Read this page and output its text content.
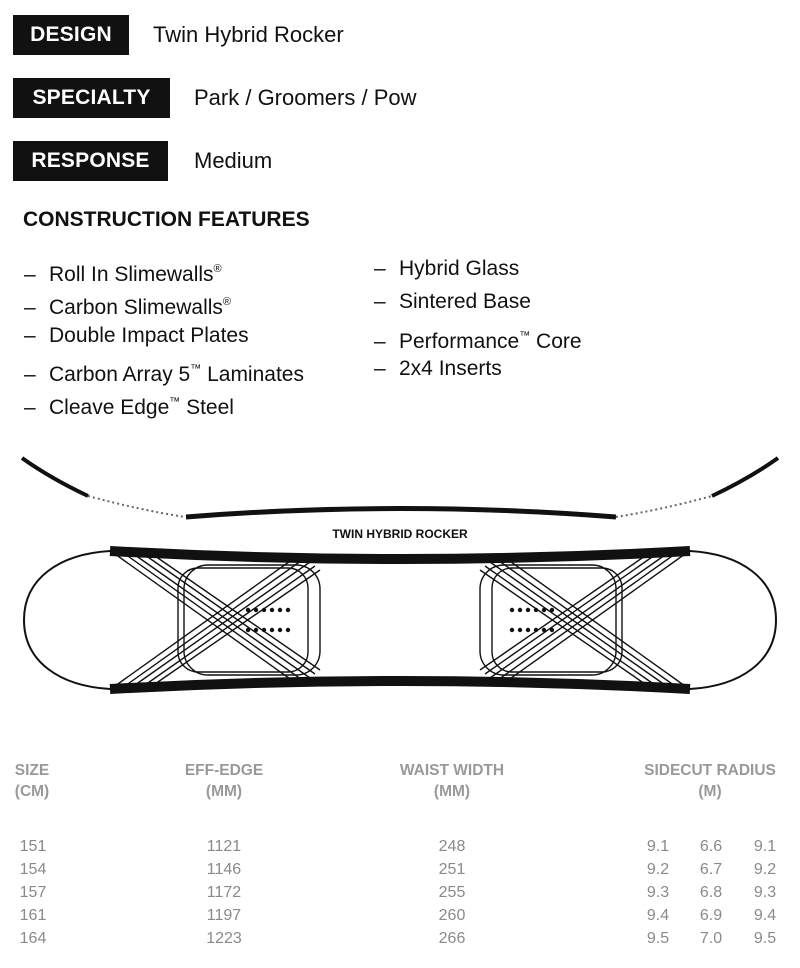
DESIGN	Twin Hybrid Rocker
SPECIALTY	Park / Groomers / Pow
RESPONSE	Medium
CONSTRUCTION FEATURES
– Roll In Slimewalls®
– Carbon Slimewalls®
– Double Impact Plates
– Carbon Array 5™ Laminates
– Cleave Edge™ Steel
– Hybrid Glass
– Sintered Base
– Performance™ Core
– 2x4 Inserts
TWIN HYBRID ROCKER
SIZE
(CM)
EFF-EDGE
(MM)
WAIST WIDTH
(MM)
SIDECUT RADIUS
(M)
151	1121	248	9.1	6.6	9.1
154	1146	251	9.2	6.7	9.2
157	1172	255	9.3	6.8	9.3
161	1197	260	9.4	6.9	9.4
164	1223	266	9.5	7.0	9.5
